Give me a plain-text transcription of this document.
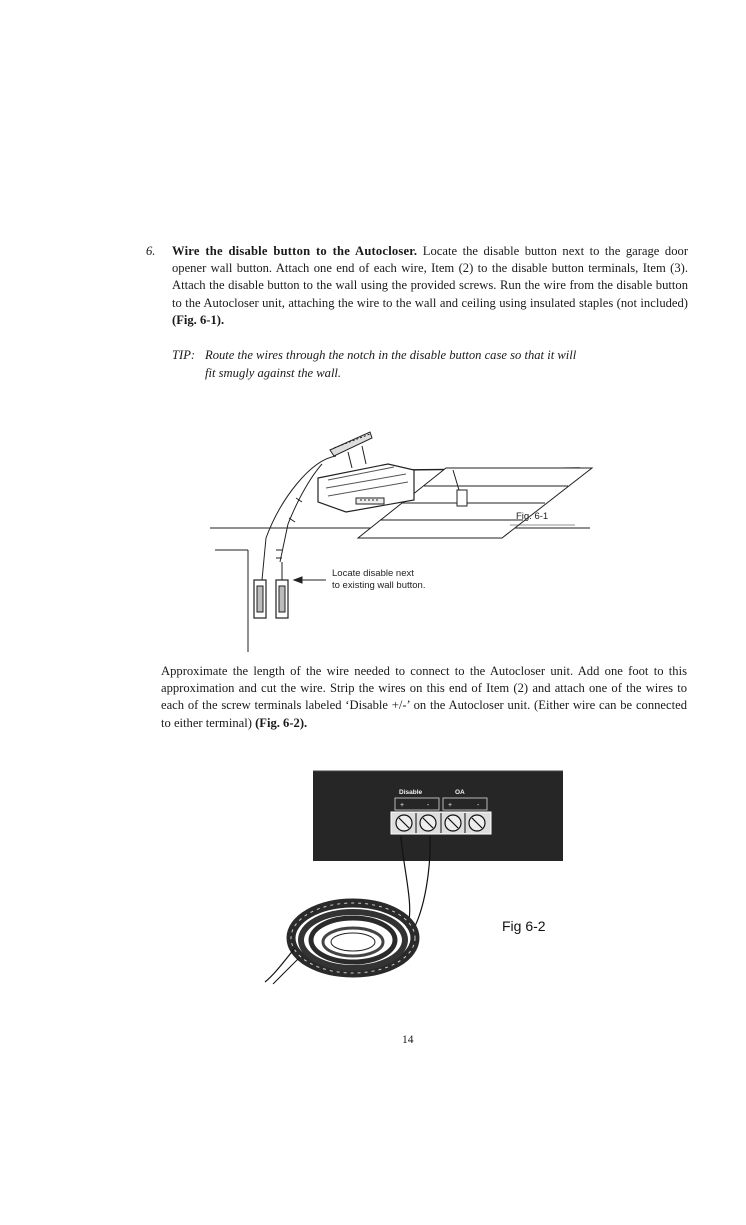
6. Wire the disable button to the Autocloser. Locate the disable button next to the garage door opener wall button. Attach one end of each wire, Item (2) to the disable button terminals, Item (3). Attach the disable button to the wall using the provided screws. Run the wire from the disable button to the Autocloser unit, attaching the wire to the wall and ceiling using insulated staples (not included) (Fig. 6-1).
TIP: Route the wires through the notch in the disable button case so that it will
fit smugly against the wall.
Fig. 6-1
Locate disable next
to existing wall button.
Approximate the length of the wire needed to connect to the Autocloser unit. Add one foot to this approximation and cut the wire. Strip the wires on this end of Item (2) and attach one of the wires to each of the screw terminals labeled ‘Disable +/-’ on the Autocloser unit. (Either wire can be connected to either terminal) (Fig. 6-2).
Disable	OA
+	-	+	-
Fig 6-2
14
